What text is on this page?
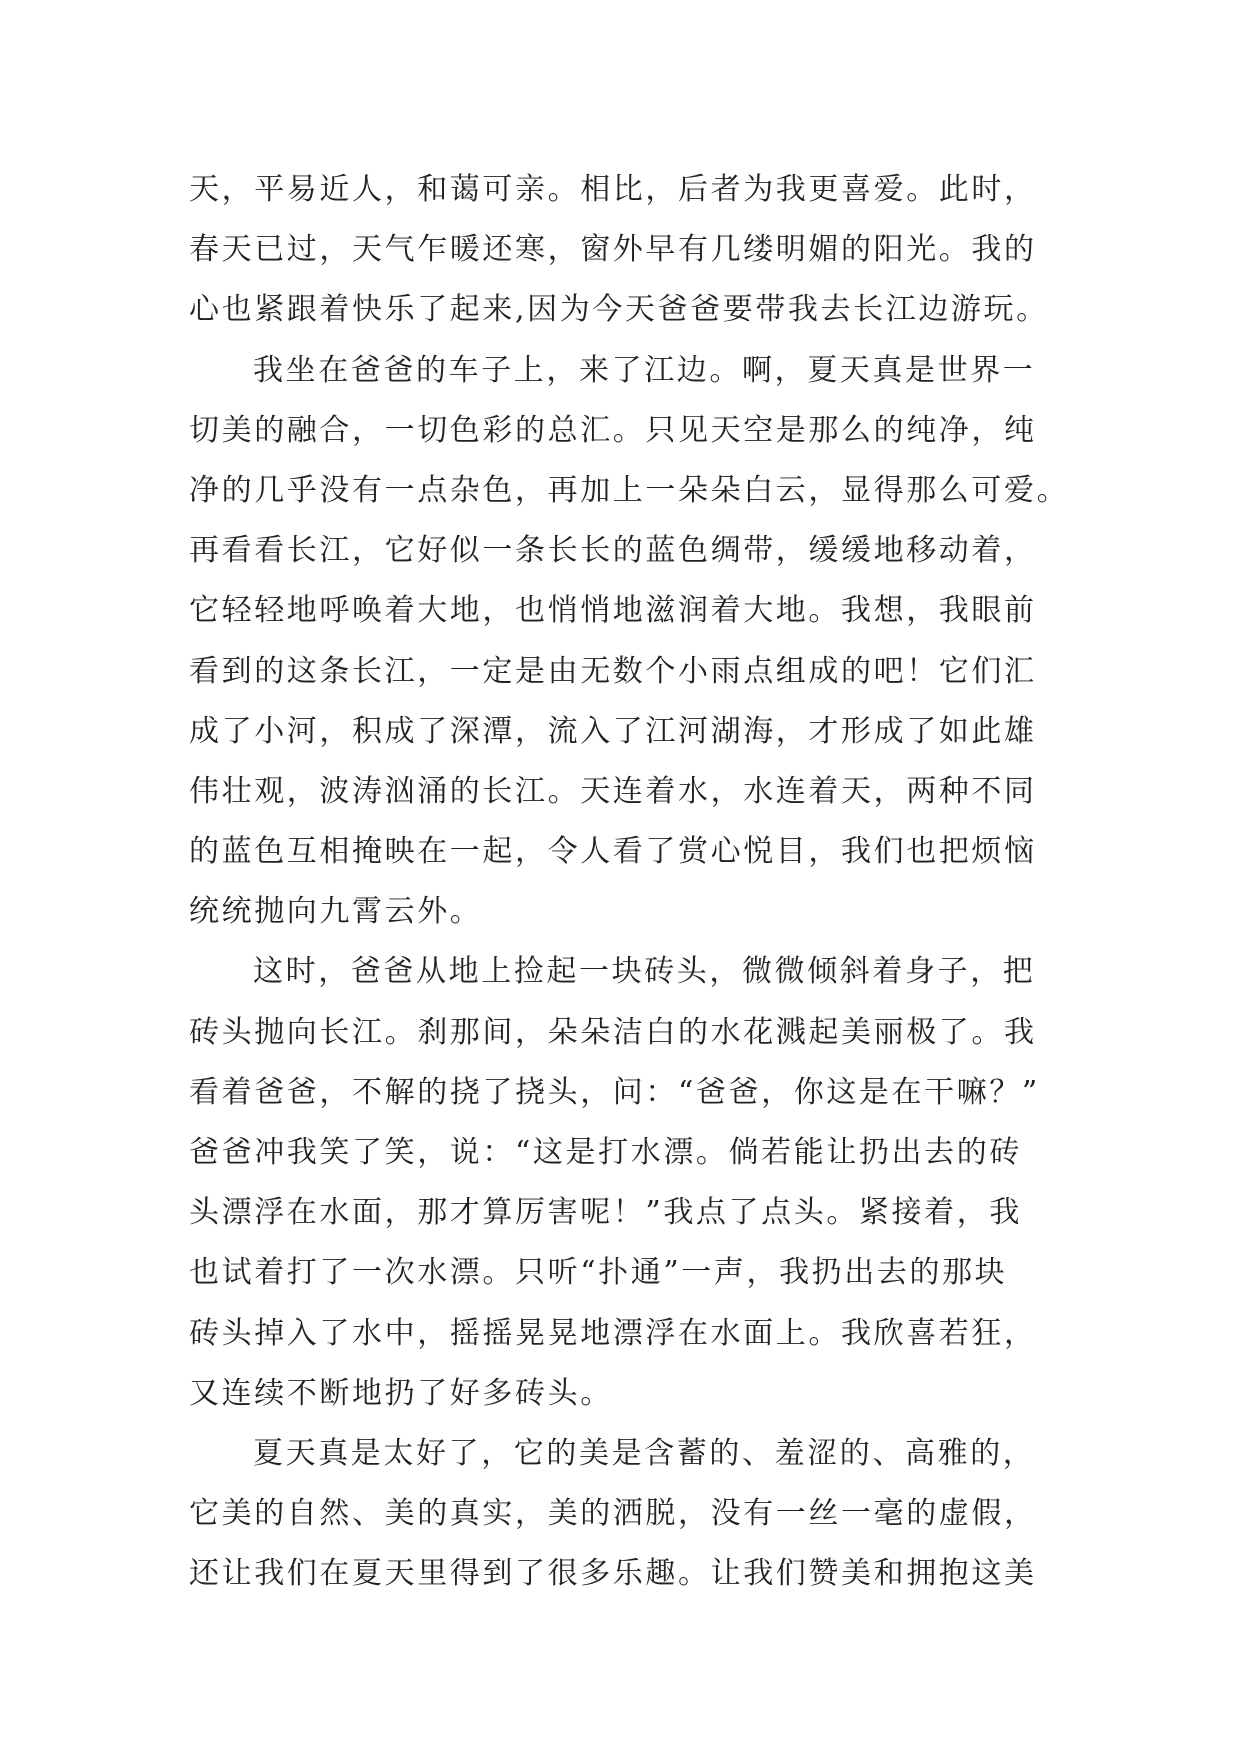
天，平易近人，和蔼可亲。相比，后者为我更喜爱。此时，
春天已过，天气乍暖还寒，窗外早有几缕明媚的阳光。我的
心也紧跟着快乐了起来,因为今天爸爸要带我去长江边游玩。
我坐在爸爸的车子上，来了江边。啊，夏天真是世界一
切美的融合，一切色彩的总汇。只见天空是那么的纯净，纯
净的几乎没有一点杂色，再加上一朵朵白云，显得那么可爱。
再看看长江，它好似一条长长的蓝色绸带，缓缓地移动着，
它轻轻地呼唤着大地，也悄悄地滋润着大地。我想，我眼前
看到的这条长江，一定是由无数个小雨点组成的吧！它们汇
成了小河，积成了深潭，流入了江河湖海，才形成了如此雄
伟壮观，波涛汹涌的长江。天连着水，水连着天，两种不同
的蓝色互相掩映在一起，令人看了赏心悦目，我们也把烦恼
统统抛向九霄云外。
这时，爸爸从地上捡起一块砖头，微微倾斜着身子，把
砖头抛向长江。刹那间，朵朵洁白的水花溅起美丽极了。我
看着爸爸，不解的挠了挠头，问：“爸爸，你这是在干嘛？”
爸爸冲我笑了笑，说：“这是打水漂。倘若能让扔出去的砖
头漂浮在水面，那才算厉害呢！”我点了点头。紧接着，我
也试着打了一次水漂。只听“扑通”一声，我扔出去的那块
砖头掉入了水中，摇摇晃晃地漂浮在水面上。我欣喜若狂，
又连续不断地扔了好多砖头。
夏天真是太好了，它的美是含蓄的、羞涩的、高雅的，
它美的自然、美的真实，美的洒脱，没有一丝一毫的虚假，
还让我们在夏天里得到了很多乐趣。让我们赞美和拥抱这美
